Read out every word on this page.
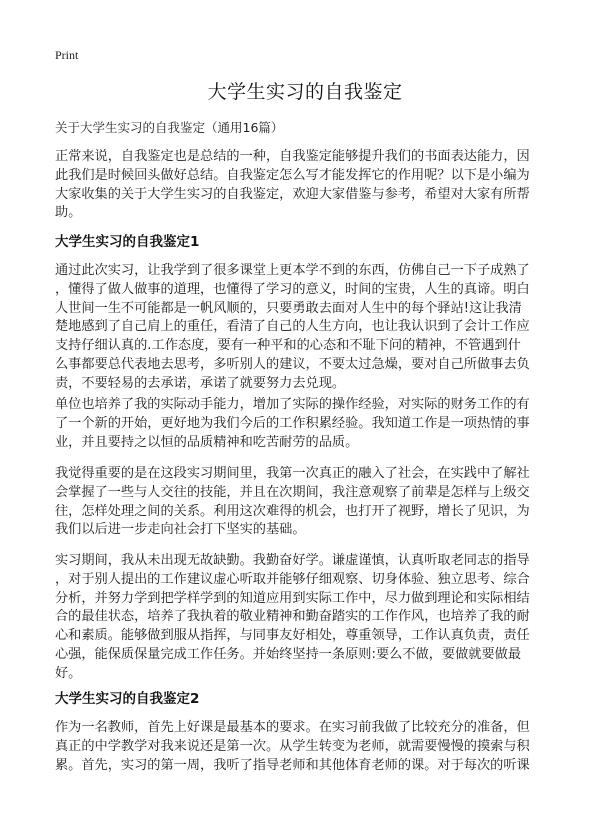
Print
大学生实习的自我鉴定
关于大学生实习的自我鉴定（通用16篇）

正常来说，自我鉴定也是总结的一种，自我鉴定能够提升我们的书面表达能力，因
此我们是时候回头做好总结。自我鉴定怎么写才能发挥它的作用呢？以下是小编为
大家收集的关于大学生实习的自我鉴定，欢迎大家借鉴与参考，希望对大家有所帮
助。

大学生实习的自我鉴定1

通过此次实习，让我学到了很多课堂上更本学不到的东西，仿佛自己一下子成熟了
，懂得了做人做事的道理，也懂得了学习的意义，时间的宝贵，人生的真谛。明白
人世间一生不可能都是一帆风顺的，只要勇敢去面对人生中的每个驿站!这让我清
楚地感到了自己肩上的重任，看清了自己的人生方向，也让我认识到了会计工作应
支持仔细认真的.工作态度，要有一种平和的心态和不耻下问的精神，不管遇到什
么事都要总代表地去思考，多听别人的建议，不要太过急燥，要对自己所做事去负
责，不要轻易的去承诺，承诺了就要努力去兑现。

单位也培养了我的实际动手能力，增加了实际的操作经验，对实际的财务工作的有
了一个新的开始，更好地为我们今后的工作积累经验。我知道工作是一项热情的事
业，并且要持之以恒的品质精神和吃苦耐劳的品质。

我觉得重要的是在这段实习期间里，我第一次真正的融入了社会，在实践中了解社
会掌握了一些与人交往的技能，并且在次期间，我注意观察了前辈是怎样与上级交
往，怎样处理之间的关系。利用这次难得的机会，也打开了视野，增长了见识，为
我们以后进一步走向社会打下坚实的基础。

实习期间，我从未出现无故缺勤。我勤奋好学。谦虚谨慎，认真听取老同志的指导
，对于别人提出的工作建议虚心听取并能够仔细观察、切身体验、独立思考、综合
分析，并努力学到把学样学到的知道应用到实际工作中，尽力做到理论和实际相结
合的最佳状态，培养了我执着的敬业精神和勤奋踏实的工作作风，也培养了我的耐
心和素质。能够做到服从指挥，与同事友好相处，尊重领导，工作认真负责，责任
心强，能保质保量完成工作任务。并始终坚持一条原则:要么不做，要做就要做最
好。

大学生实习的自我鉴定2

作为一名教师，首先上好课是最基本的要求。在实习前我做了比较充分的准备，但
真正的中学教学对我来说还是第一次。从学生转变为老师，就需要慢慢的摸索与积
累。首先，实习的第一周，我听了指导老师和其他体育老师的课。对于每次的听课
